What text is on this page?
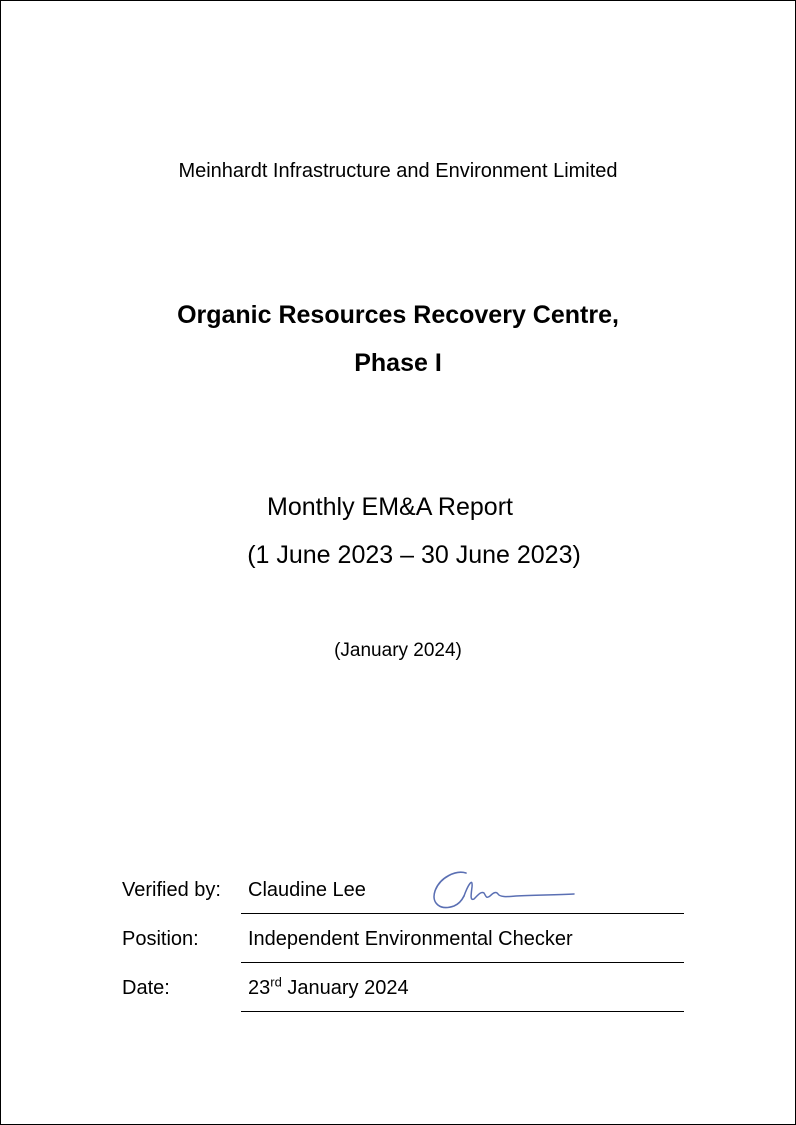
Meinhardt Infrastructure and Environment Limited
Organic Resources Recovery Centre,
Phase I
Monthly EM&A Report
(1 June 2023 – 30 June 2023)
(January 2024)
Verified by: Claudine Lee
Position: Independent Environmental Checker
Date:	23rd January 2024
